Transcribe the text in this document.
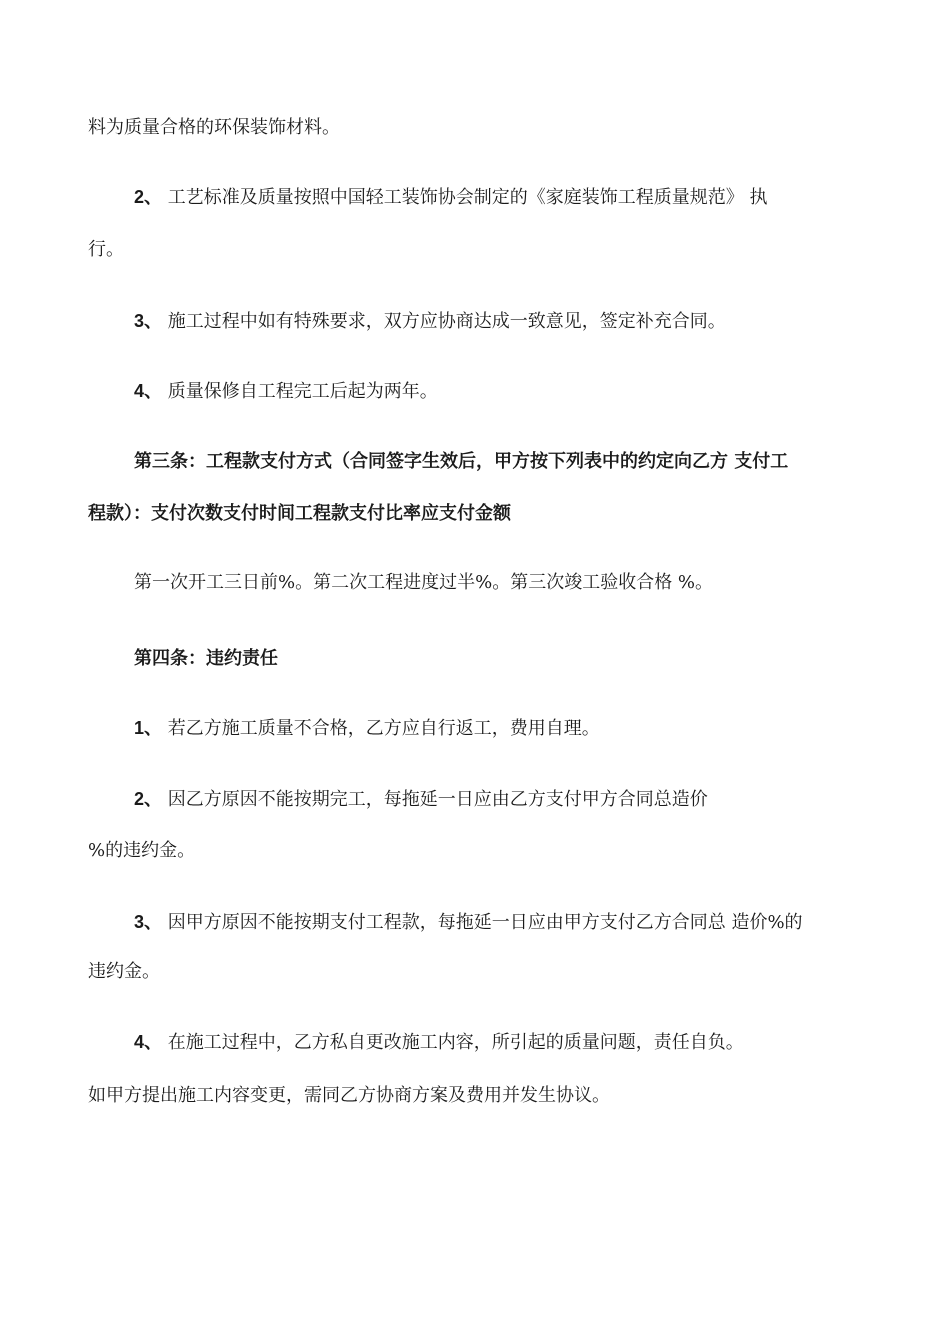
料为质量合格的环保装饰材料。
2、 工艺标准及质量按照中国轻工装饰协会制定的《家庭装饰工程质量规范》 执
行。
3、 施工过程中如有特殊要求，双方应协商达成一致意见，签定补充合同。
4、 质量保修自工程完工后起为两年。
第三条：工程款支付方式（合同签字生效后，甲方按下列表中的约定向乙方 支付工
程款）：支付次数支付时间工程款支付比率应支付金额
第一次开工三日前%。第二次工程进度过半%。第三次竣工验收合格 %。
第四条：违约责任
1、 若乙方施工质量不合格，乙方应自行返工，费用自理。
2、 因乙方原因不能按期完工，每拖延一日应由乙方支付甲方合同总造价
%的违约金。
3、 因甲方原因不能按期支付工程款，每拖延一日应由甲方支付乙方合同总 造价%的
违约金。
4、 在施工过程中，乙方私自更改施工内容，所引起的质量问题，责任自负。
如甲方提出施工内容变更，需同乙方协商方案及费用并发生协议。
